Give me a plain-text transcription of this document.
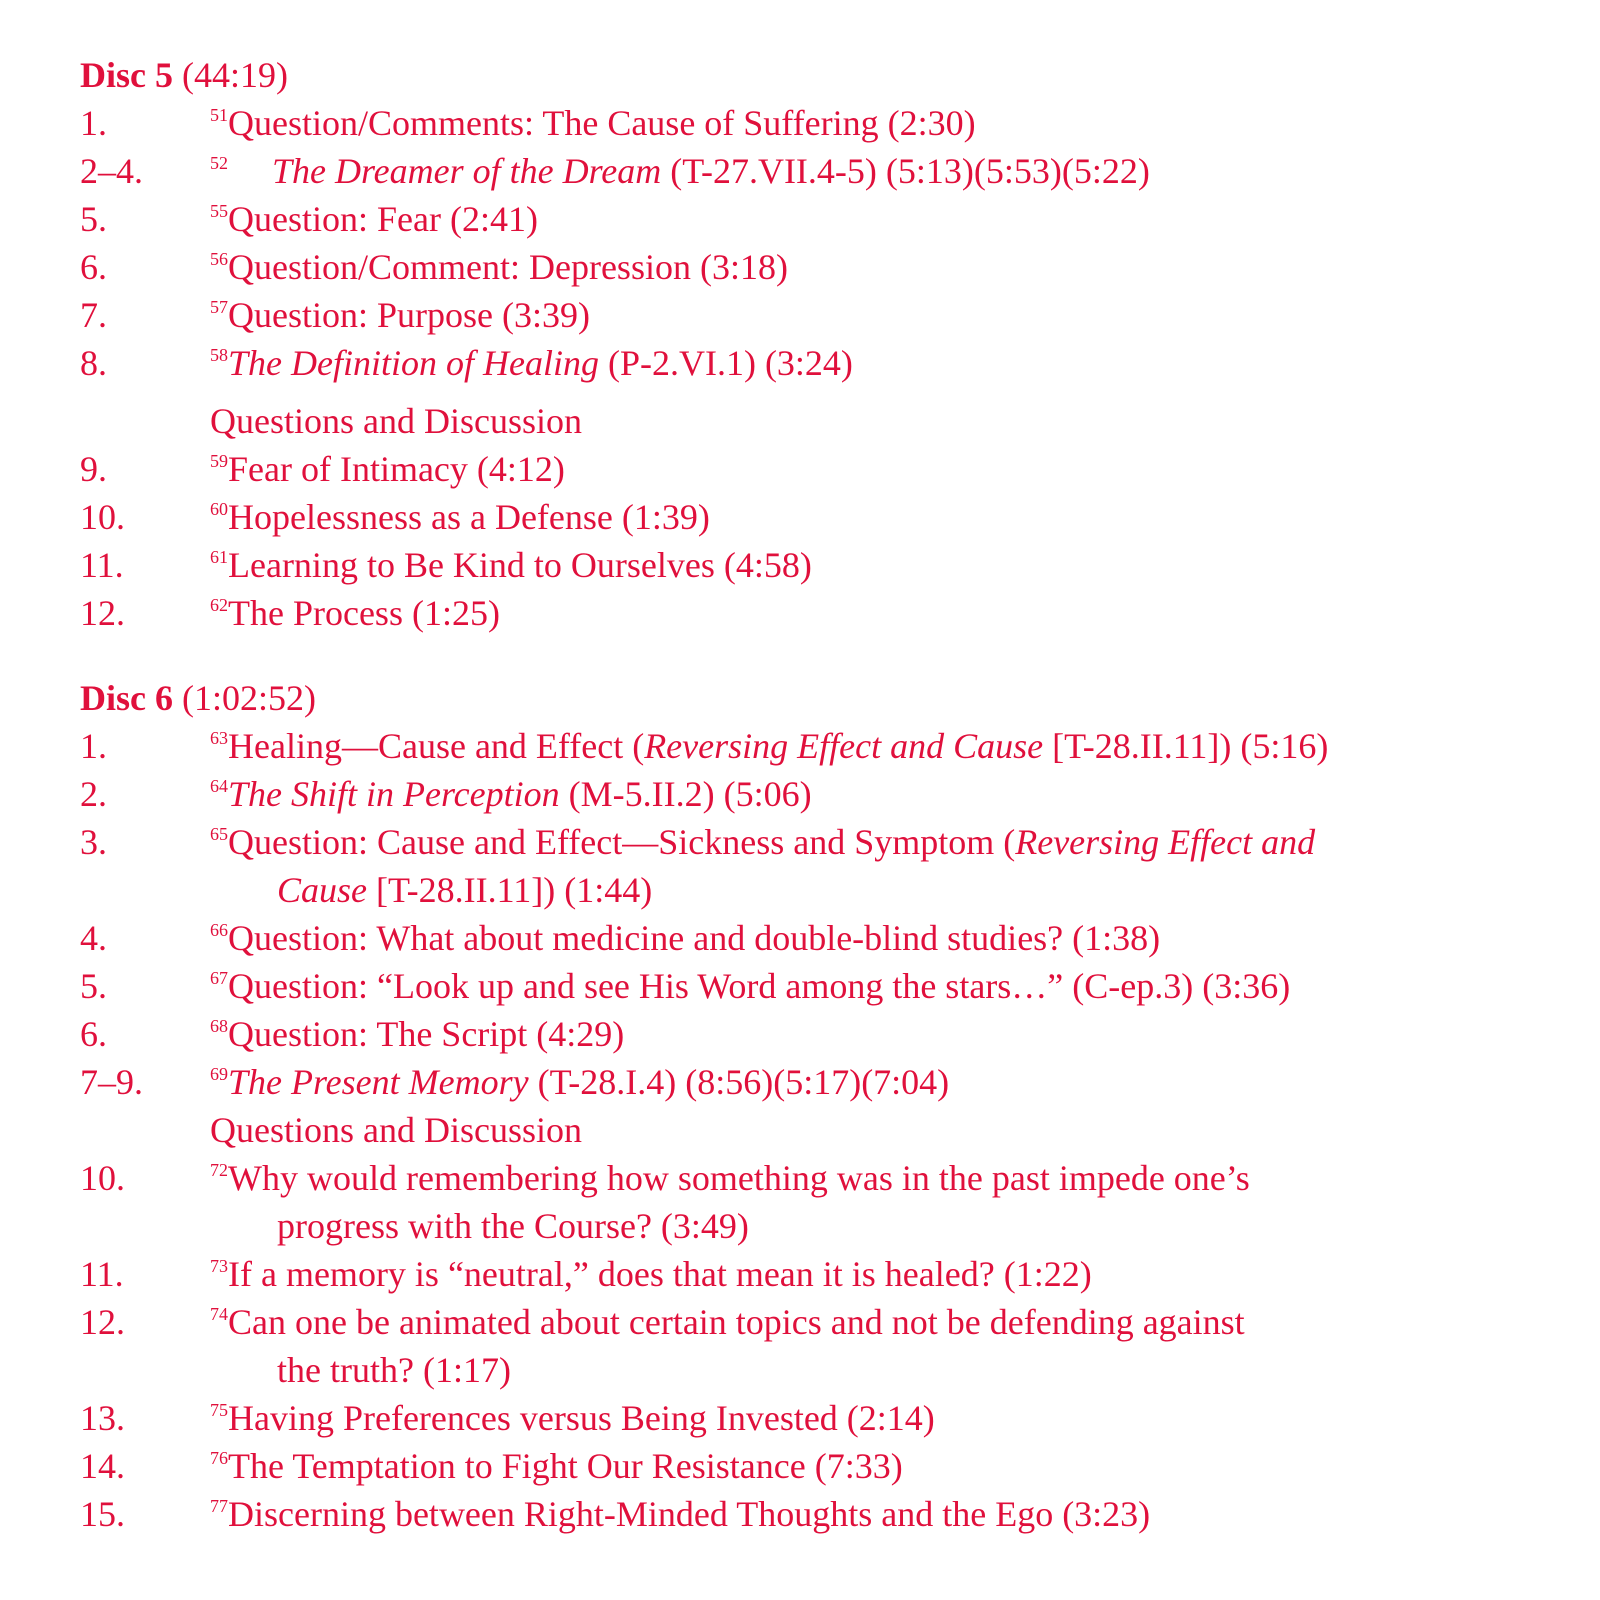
Disc 5 (44:19)
1.	$^{51}$Question/Comments: The Cause of Suffering (2:30)
2–4.	$^{52}$ The Dreamer of the Dream (T-27.VII.4-5) (5:13)(5:53)(5:22)
5.	$^{55}$Question: Fear (2:41)
6.	$^{56}$Question/Comment: Depression (3:18)
7.	$^{57}$Question: Purpose (3:39)
8.	$^{58}$The Definition of Healing (P-2.VI.1) (3:24)
Questions and Discussion
9.	$^{59}$Fear of Intimacy (4:12)
10.	$^{60}$Hopelessness as a Defense (1:39)
11.	$^{61}$Learning to Be Kind to Ourselves (4:58)
12.	$^{62}$The Process (1:25)
Disc 6 (1:02:52)
1.	$^{63}$Healing—Cause and Effect (Reversing Effect and Cause [T-28.II.11]) (5:16)
2.	$^{64}$The Shift in Perception (M-5.II.2) (5:06)
3.	$^{65}$Question: Cause and Effect—Sickness and Symptom (Reversing Effect and
Cause [T-28.II.11]) (1:44)
4.	$^{66}$Question: What about medicine and double-blind studies? (1:38)
5.	$^{67}$Question: “Look up and see His Word among the stars…” (C-ep.3) (3:36)
6.	$^{68}$Question: The Script (4:29)
7–9.	$^{69}$The Present Memory (T-28.I.4) (8:56)(5:17)(7:04)
Questions and Discussion
10.	$^{72}$Why would remembering how something was in the past impede one’s
progress with the Course? (3:49)
11.	$^{73}$If a memory is “neutral,” does that mean it is healed? (1:22)
12.	$^{74}$Can one be animated about certain topics and not be defending against
the truth? (1:17)
13.	$^{75}$Having Preferences versus Being Invested (2:14)
14.	$^{76}$The Temptation to Fight Our Resistance (7:33)
15.	$^{77}$Discerning between Right-Minded Thoughts and the Ego (3:23)
